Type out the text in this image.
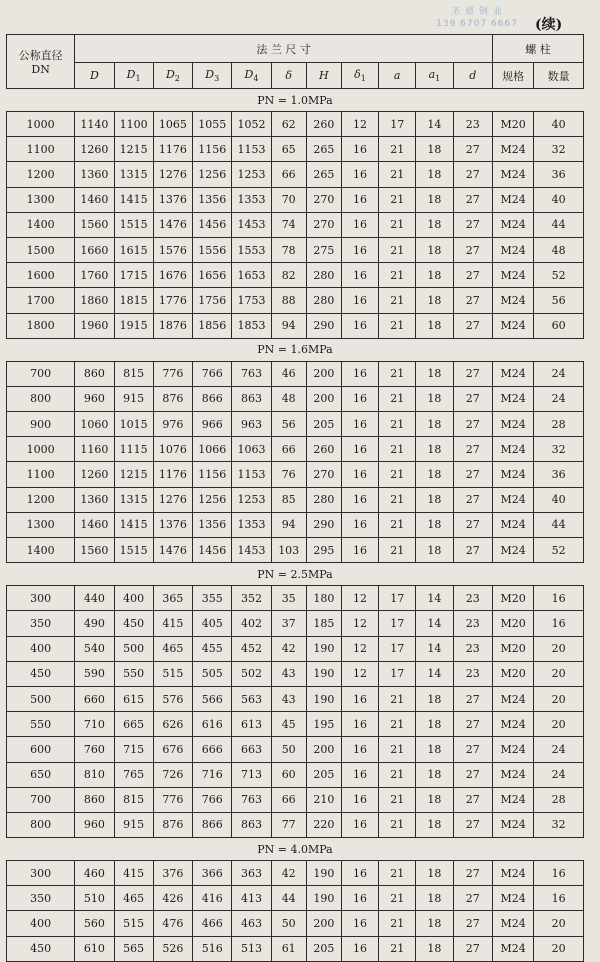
圣 德 钢 业
139 6707 6667 (续)
公称直径
DN	法 兰 尺 寸											螺 柱	
	D	$D_1$	$D_2$	$D_3$	$D_4$	δ	H	$\delta_1$	a	$a_1$	d	规格	数量
PN = 1.0MPa													
1000	1140	1100	1065	1055	1052	62	260	12	17	14	23	M20	40
1100	1260	1215	1176	1156	1153	65	265	16	21	18	27	M24	32
1200	1360	1315	1276	1256	1253	66	265	16	21	18	27	M24	36
1300	1460	1415	1376	1356	1353	70	270	16	21	18	27	M24	40
1400	1560	1515	1476	1456	1453	74	270	16	21	18	27	M24	44
1500	1660	1615	1576	1556	1553	78	275	16	21	18	27	M24	48
1600	1760	1715	1676	1656	1653	82	280	16	21	18	27	M24	52
1700	1860	1815	1776	1756	1753	88	280	16	21	18	27	M24	56
1800	1960	1915	1876	1856	1853	94	290	16	21	18	27	M24	60
PN = 1.6MPa													
700	860	815	776	766	763	46	200	16	21	18	27	M24	24
800	960	915	876	866	863	48	200	16	21	18	27	M24	24
900	1060	1015	976	966	963	56	205	16	21	18	27	M24	28
1000	1160	1115	1076	1066	1063	66	260	16	21	18	27	M24	32
1100	1260	1215	1176	1156	1153	76	270	16	21	18	27	M24	36
1200	1360	1315	1276	1256	1253	85	280	16	21	18	27	M24	40
1300	1460	1415	1376	1356	1353	94	290	16	21	18	27	M24	44
1400	1560	1515	1476	1456	1453	103	295	16	21	18	27	M24	52
PN = 2.5MPa													
300	440	400	365	355	352	35	180	12	17	14	23	M20	16
350	490	450	415	405	402	37	185	12	17	14	23	M20	16
400	540	500	465	455	452	42	190	12	17	14	23	M20	20
450	590	550	515	505	502	43	190	12	17	14	23	M20	20
500	660	615	576	566	563	43	190	16	21	18	27	M24	20
550	710	665	626	616	613	45	195	16	21	18	27	M24	20
600	760	715	676	666	663	50	200	16	21	18	27	M24	24
650	810	765	726	716	713	60	205	16	21	18	27	M24	24
700	860	815	776	766	763	66	210	16	21	18	27	M24	28
800	960	915	876	866	863	77	220	16	21	18	27	M24	32
PN = 4.0MPa													
300	460	415	376	366	363	42	190	16	21	18	27	M24	16
350	510	465	426	416	413	44	190	16	21	18	27	M24	16
400	560	515	476	466	463	50	200	16	21	18	27	M24	20
450	610	565	526	516	513	61	205	16	21	18	27	M24	20
